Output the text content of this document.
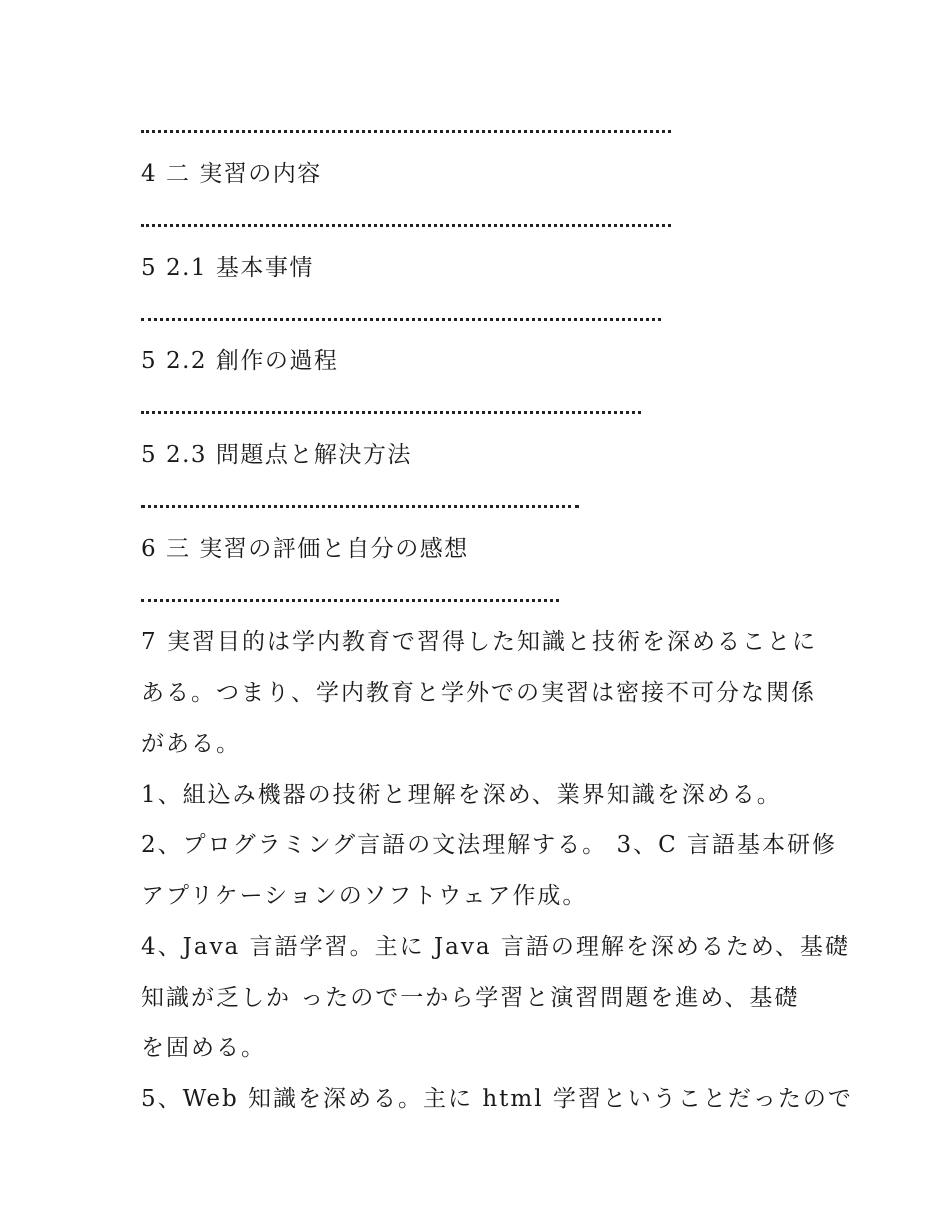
4 二 実習の内容
5 2.1 基本事情
5 2.2 創作の過程
5 2.3 問題点と解決方法
6 三 実習の評価と自分の感想
7 実習目的は学内教育で習得した知識と技術を深めることに
ある。つまり、学内教育と学外での実習は密接不可分な関係
がある。
1、組込み機器の技術と理解を深め、業界知識を深める。
2、プログラミング言語の文法理解する。 3、C 言語基本研修
アプリケーションのソフトウェア作成。
4、Java 言語学習。主に Java 言語の理解を深めるため、基礎
知識が乏しか ったので一から学習と演習問題を進め、基礎
を固める。
5、Web 知識を深める。主に html 学習ということだったので
